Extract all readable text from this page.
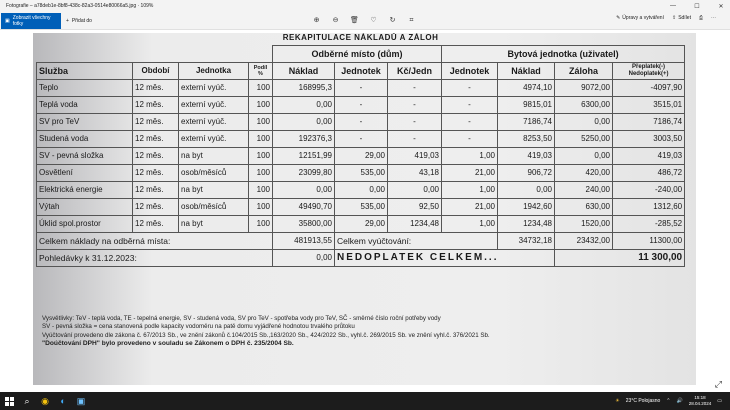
Fotografie – a78deb1e-8bf8-438c-82a3-0514e80066a5.jpg · 109%	—	☐	✕
▣ Zobrazit všechny fotky	+ Přidat do	⊕ ⊖ 🗑 ♡ ↻	⌗	✎ Úpravy a vytváření ⇪ Sdílet ⎙ ⋯
REKAPITULACE NÁKLADŮ A ZÁLOH										
				Odběrné místo (dům)			Bytová jednotka (uživatel)			
Služba	Období	Jednotka	Podíl %	Náklad	Jednotek	Kč/Jedn	Jednotek	Náklad	Záloha	Přeplatek(-) Nedoplatek(+)
Teplo	12 měs.	externí vyúč.	100	168995,3	-	-	-	4974,10	9072,00	-4097,90
Teplá voda	12 měs.	externí vyúč.	100	0,00	-	-	-	9815,01	6300,00	3515,01
SV pro TeV	12 měs.	externí vyúč.	100	0,00	-	-	-	7186,74	0,00	7186,74
Studená voda	12 měs.	externí vyúč.	100	192376,3	-	-	-	8253,50	5250,00	3003,50
SV - pevná složka	12 měs.	na byt	100	12151,99	29,00	419,03	1,00	419,03	0,00	419,03
Osvětlení	12 měs.	osob/měsíců	100	23099,80	535,00	43,18	21,00	906,72	420,00	486,72
Elektrická energie	12 měs.	na byt	100	0,00	0,00	0,00	1,00	0,00	240,00	-240,00
Výtah	12 měs.	osob/měsíců	100	49490,70	535,00	92,50	21,00	1942,60	630,00	1312,60
Úklid spol.prostor	12 měs.	na byt	100	35800,00	29,00	1234,48	1,00	1234,48	1520,00	-285,52
Celkem náklady na odběrná místa:				481913,55	Celkem vyúčtování:			34732,18	23432,00	11300,00
Pohledávky k 31.12.2023:				0,00	NEDOPLATEK CELKEM...				11 300,00	
Vysvětlivky: TeV - teplá voda, TE - tepelná energie, SV - studená voda, SV pro TeV - spotřeba vody pro TeV, SČ - směrné číslo roční potřeby vody
SV - pevná složka = cena stanovená podle kapacity vodoměru na patě domu vyjádřené hodnotou trvalého průtoku
Vyúčtování provedeno dle zákona č. 67/2013 Sb., ve znění zákonů č.104/2015 Sb.,163/2020 Sb., 424/2022 Sb., vyhl.č. 269/2015 Sb. ve znění vyhl.č. 376/2021 Sb.
"Doúčtování DPH" bylo provedeno v souladu se Zákonem o DPH č. 235/2004 Sb.
⤢
⌕	◉	◐	▣	☀ 23°C Polojasno ⌃ 🔊
15:18
28.04.2024 ▭
